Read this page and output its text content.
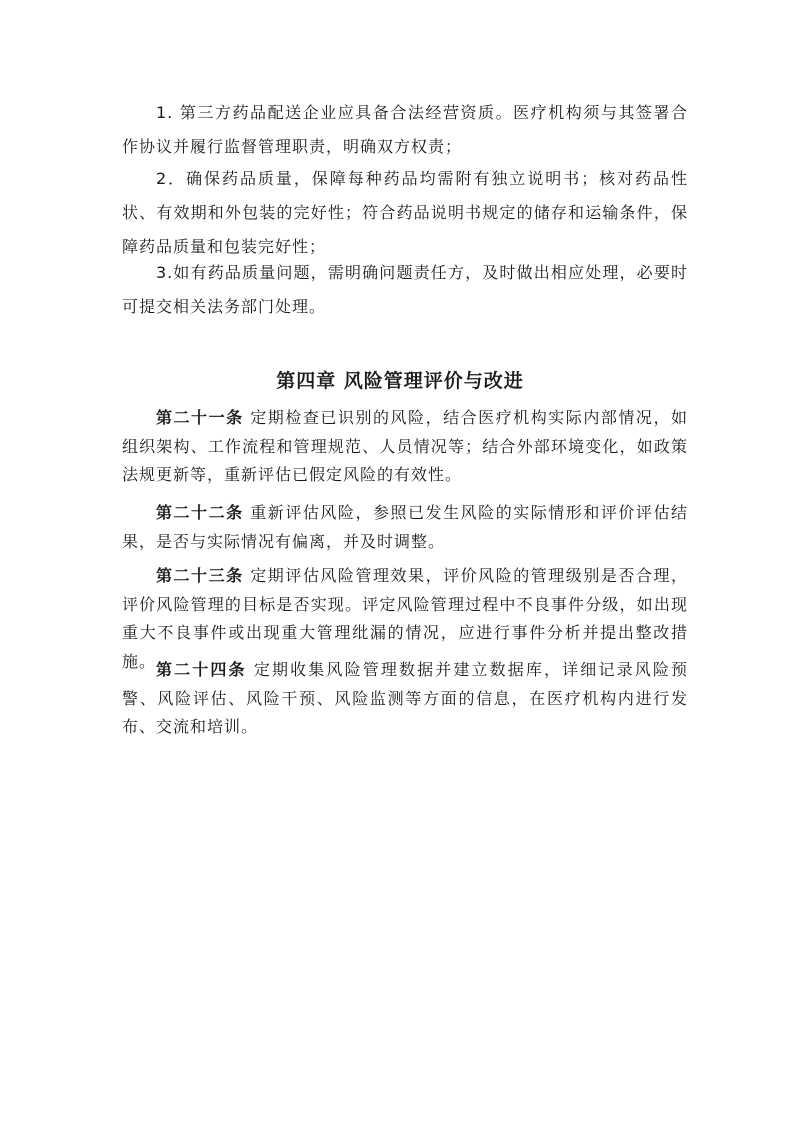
1. 第三方药品配送企业应具备合法经营资质。医疗机构须与其签署合作协议并履行监督管理职责，明确双方权责；

2．确保药品质量，保障每种药品均需附有独立说明书；核对药品性状、有效期和外包装的完好性；符合药品说明书规定的储存和运输条件，保障药品质量和包装完好性；

3.如有药品质量问题，需明确问题责任方，及时做出相应处理，必要时可提交相关法务部门处理。

第四章 风险管理评价与改进

第二十一条 定期检查已识别的风险，结合医疗机构实际内部情况，如组织架构、工作流程和管理规范、人员情况等；结合外部环境变化，如政策法规更新等，重新评估已假定风险的有效性。

第二十二条 重新评估风险，参照已发生风险的实际情形和评价评估结果，是否与实际情况有偏离，并及时调整。

第二十三条 定期评估风险管理效果，评价风险的管理级别是否合理，评价风险管理的目标是否实现。评定风险管理过程中不良事件分级，如出现重大不良事件或出现重大管理纰漏的情况，应进行事件分析并提出整改措施。 第二十四条 定期收集风险管理数据并建立数据库，详细记录风险预警、风险评估、风险干预、风险监测等方面的信息，在医疗机构内进行发布、交流和培训。
